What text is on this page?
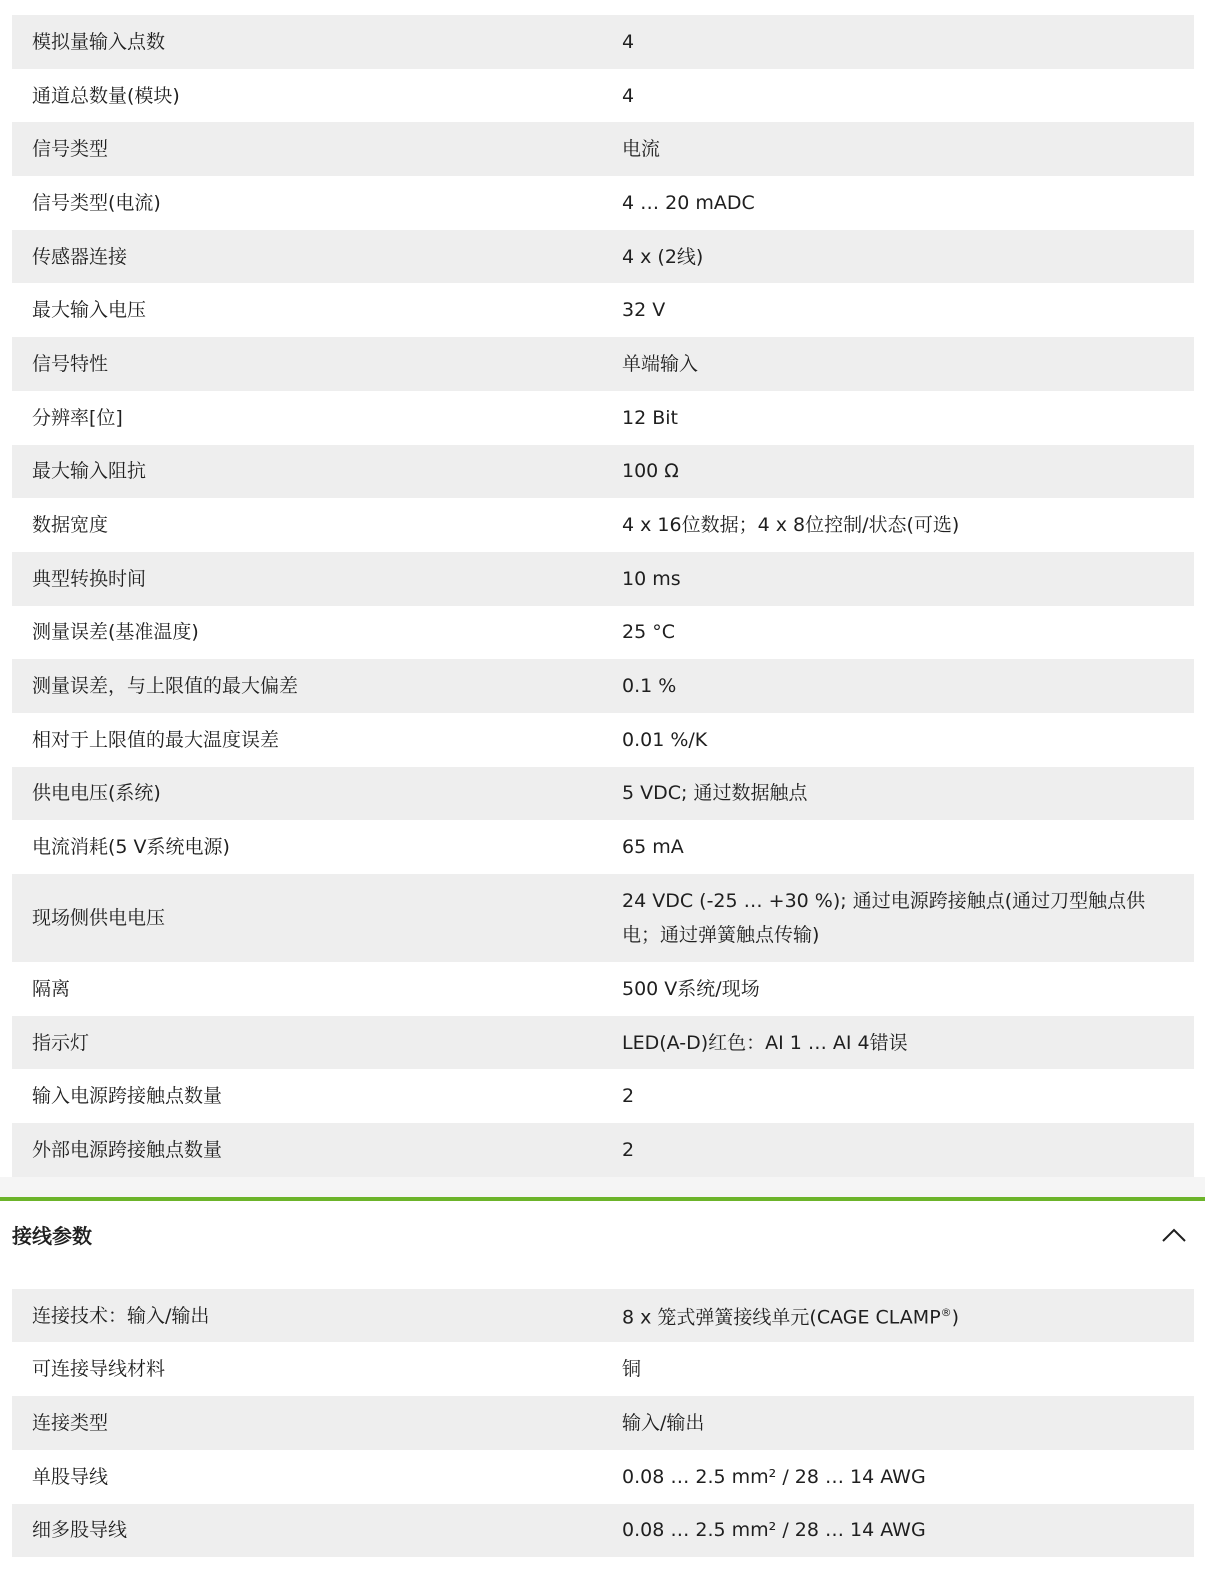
模拟量输入点数	4
通道总数量(模块)	4
信号类型	电流
信号类型(电流)	4 … 20 mADC
传感器连接	4 x (2线)
最大输入电压	32 V
信号特性	单端输入
分辨率[位]	12 Bit
最大输入阻抗	100 Ω
数据宽度	4 x 16位数据；4 x 8位控制/状态(可选)
典型转换时间	10 ms
测量误差(基准温度)	25 °C
测量误差，与上限值的最大偏差	0.1 %
相对于上限值的最大温度误差	0.01 %/K
供电电压(系统)	5 VDC; 通过数据触点
电流消耗(5 V系统电源)	65 mA
现场侧供电电压	24 VDC (-25 … +30 %); 通过电源跨接触点(通过刀型触点供电；通过弹簧触点传输)
隔离	500 V系统/现场
指示灯	LED(A-D)红色：AI 1 … AI 4错误
输入电源跨接触点数量	2
外部电源跨接触点数量	2
接线参数
连接技术：输入/输出	8 x 笼式弹簧接线单元(CAGE CLAMP®)
可连接导线材料	铜
连接类型	输入/输出
单股导线	0.08 … 2.5 mm² / 28 … 14 AWG
细多股导线	0.08 … 2.5 mm² / 28 … 14 AWG
